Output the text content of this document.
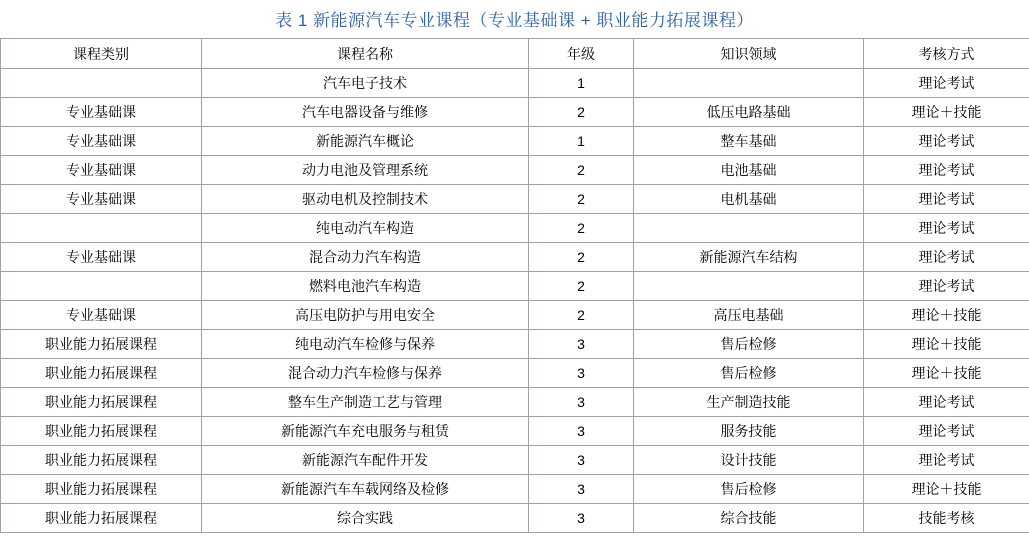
表 1 新能源汽车专业课程（专业基础课 + 职业能力拓展课程）
课程类别	课程名称	年级	知识领域	考核方式
	汽车电子技术	1		理论考试
专业基础课	汽车电器设备与维修	2	低压电路基础	理论＋技能
专业基础课	新能源汽车概论	1	整车基础	理论考试
专业基础课	动力电池及管理系统	2	电池基础	理论考试
专业基础课	驱动电机及控制技术	2	电机基础	理论考试
	纯电动汽车构造	2		理论考试
专业基础课	混合动力汽车构造	2	新能源汽车结构	理论考试
	燃料电池汽车构造	2		理论考试
专业基础课	高压电防护与用电安全	2	高压电基础	理论＋技能
职业能力拓展课程	纯电动汽车检修与保养	3	售后检修	理论＋技能
职业能力拓展课程	混合动力汽车检修与保养	3	售后检修	理论＋技能
职业能力拓展课程	整车生产制造工艺与管理	3	生产制造技能	理论考试
职业能力拓展课程	新能源汽车充电服务与租赁	3	服务技能	理论考试
职业能力拓展课程	新能源汽车配件开发	3	设计技能	理论考试
职业能力拓展课程	新能源汽车车载网络及检修	3	售后检修	理论＋技能
职业能力拓展课程	综合实践	3	综合技能	技能考核
